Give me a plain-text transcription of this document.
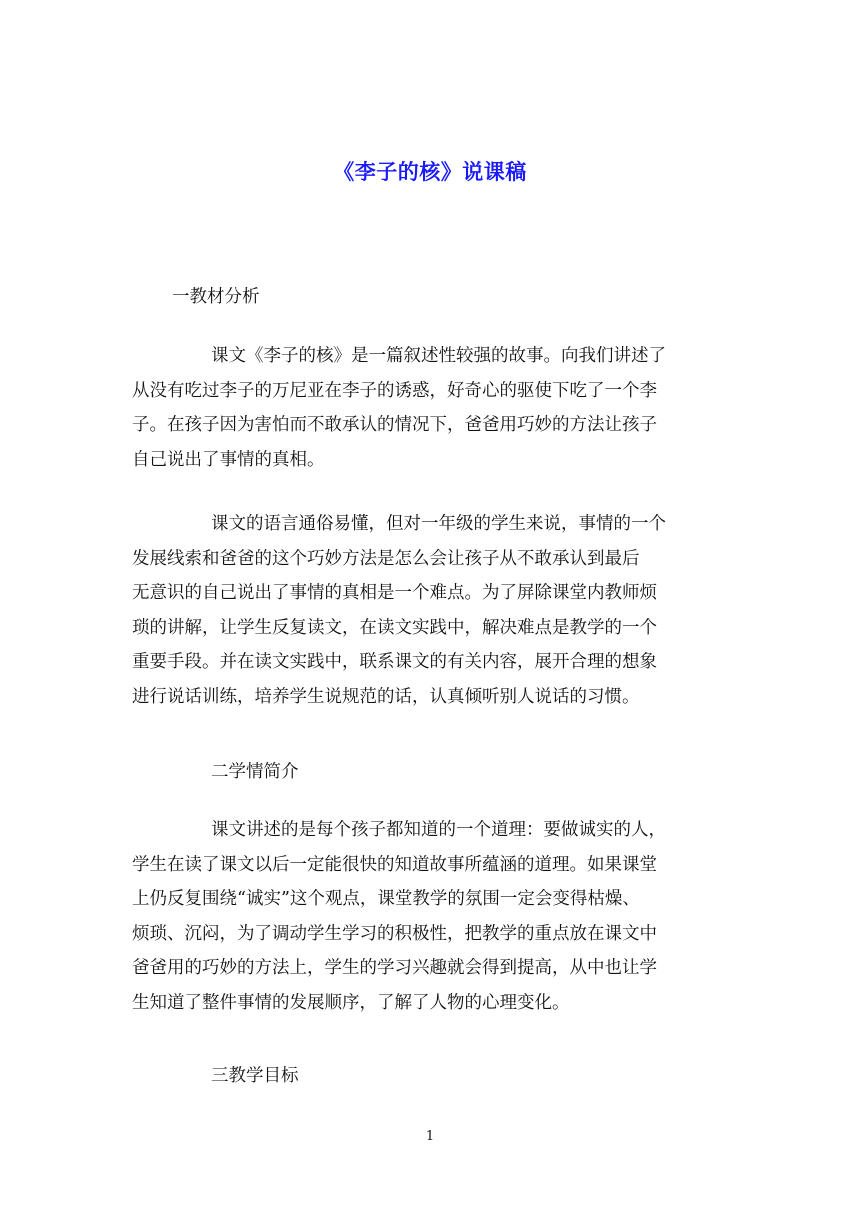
《李子的核》说课稿
一教材分析
课文《李子的核》是一篇叙述性较强的故事。向我们讲述了
从没有吃过李子的万尼亚在李子的诱惑，好奇心的驱使下吃了一个李
子。在孩子因为害怕而不敢承认的情况下，爸爸用巧妙的方法让孩子
自己说出了事情的真相。
课文的语言通俗易懂，但对一年级的学生来说，事情的一个
发展线索和爸爸的这个巧妙方法是怎么会让孩子从不敢承认到最后
无意识的自己说出了事情的真相是一个难点。为了屏除课堂内教师烦
琐的讲解，让学生反复读文，在读文实践中，解决难点是教学的一个
重要手段。并在读文实践中，联系课文的有关内容，展开合理的想象
进行说话训练，培养学生说规范的话，认真倾听别人说话的习惯。
二学情简介
课文讲述的是每个孩子都知道的一个道理：要做诚实的人，
学生在读了课文以后一定能很快的知道故事所蕴涵的道理。如果课堂
上仍反复围绕“诚实”这个观点，课堂教学的氛围一定会变得枯燥、
烦琐、沉闷，为了调动学生学习的积极性，把教学的重点放在课文中
爸爸用的巧妙的方法上，学生的学习兴趣就会得到提高，从中也让学
生知道了整件事情的发展顺序，了解了人物的心理变化。
三教学目标
1
